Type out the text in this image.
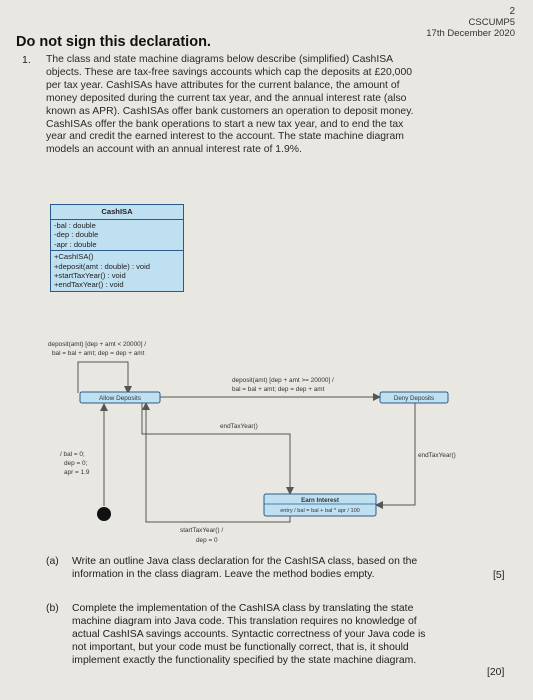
2
CSCUMP5
17th December 2020
Do not sign this declaration.
1. The class and state machine diagrams below describe (simplified) CashISA
objects. These are tax-free savings accounts which cap the deposits at £20,000
per tax year. CashISAs have attributes for the current balance, the amount of
money deposited during the current tax year, and the annual interest rate (also
known as APR). CashISAs offer bank customers an operation to deposit money.
CashISAs offer the bank operations to start a new tax year, and to end the tax
year and credit the earned interest to the account. The state machine diagram
models an account with an annual interest rate of 1.9%.
CashISA
-bal : double
-dep : double
-apr : double
+CashISA()
+deposit(amt : double) : void
+startTaxYear() : void
+endTaxYear() : void
deposit(amt) [dep + amt < 20000] /
bal = bal + amt; dep = dep + amt
deposit(amt) [dep + amt >= 20000] /
bal = bal + amt; dep = dep + amt
endTaxYear()
endTaxYear()
startTaxYear() /
dep = 0
/ bal = 0;
dep = 0;
apr = 1.9
Allow Deposits	Deny Deposits
Earn Interest
entry / bal = bal + bal * apr / 100
(a) Write an outline Java class declaration for the CashISA class, based on the
information in the class diagram. Leave the method bodies empty.	[5]
(b) Complete the implementation of the CashISA class by translating the state
machine diagram into Java code. This translation requires no knowledge of
actual CashISA savings accounts. Syntactic correctness of your Java code is
not important, but your code must be functionally correct, that is, it should
implement exactly the functionality specified by the state machine diagram.
[20]
